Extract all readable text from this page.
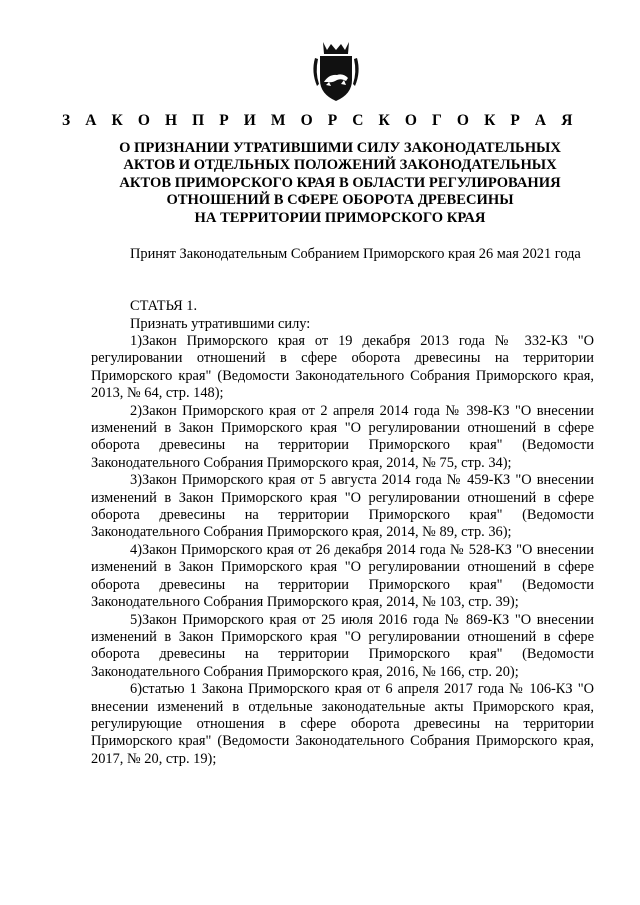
З А К О Н П Р И М О Р С К О Г О К Р А Я
О ПРИЗНАНИИ УТРАТИВШИМИ СИЛУ ЗАКОНОДАТЕЛЬНЫХ
АКТОВ И ОТДЕЛЬНЫХ ПОЛОЖЕНИЙ ЗАКОНОДАТЕЛЬНЫХ
АКТОВ ПРИМОРСКОГО КРАЯ В ОБЛАСТИ РЕГУЛИРОВАНИЯ
ОТНОШЕНИЙ В СФЕРЕ ОБОРОТА ДРЕВЕСИНЫ
НА ТЕРРИТОРИИ ПРИМОРСКОГО КРАЯ

Принят Законодательным Собранием Приморского края 26 мая 2021 года

СТАТЬЯ 1.

Признать утратившими силу:

1)Закон Приморского края от 19 декабря 2013 года № 332-КЗ "О регулировании отношений в сфере оборота древесины на территории Приморского края" (Ведомости Законодательного Собрания Приморского края, 2013, № 64, стр. 148);

2)Закон Приморского края от 2 апреля 2014 года № 398-КЗ "О внесении изменений в Закон Приморского края "О регулировании отношений в сфере оборота древесины на территории Приморского края" (Ведомости Законодательного Собрания Приморского края, 2014, № 75, стр. 34);

3)Закон Приморского края от 5 августа 2014 года № 459-КЗ "О внесении изменений в Закон Приморского края "О регулировании отношений в сфере оборота древесины на территории Приморского края" (Ведомости Законодательного Собрания Приморского края, 2014, № 89, стр. 36);

4)Закон Приморского края от 26 декабря 2014 года № 528-КЗ "О внесении изменений в Закон Приморского края "О регулировании отношений в сфере оборота древесины на территории Приморского края" (Ведомости Законодательного Собрания Приморского края, 2014, № 103, стр. 39);

5)Закон Приморского края от 25 июля 2016 года № 869-КЗ "О внесении изменений в Закон Приморского края "О регулировании отношений в сфере оборота древесины на территории Приморского края" (Ведомости Законодательного Собрания Приморского края, 2016, № 166, стр. 20);

6)статью 1 Закона Приморского края от 6 апреля 2017 года № 106-КЗ "О внесении изменений в отдельные законодательные акты Приморского края, регулирующие отношения в сфере оборота древесины на территории Приморского края" (Ведомости Законодательного Собрания Приморского края, 2017, № 20, стр. 19);
